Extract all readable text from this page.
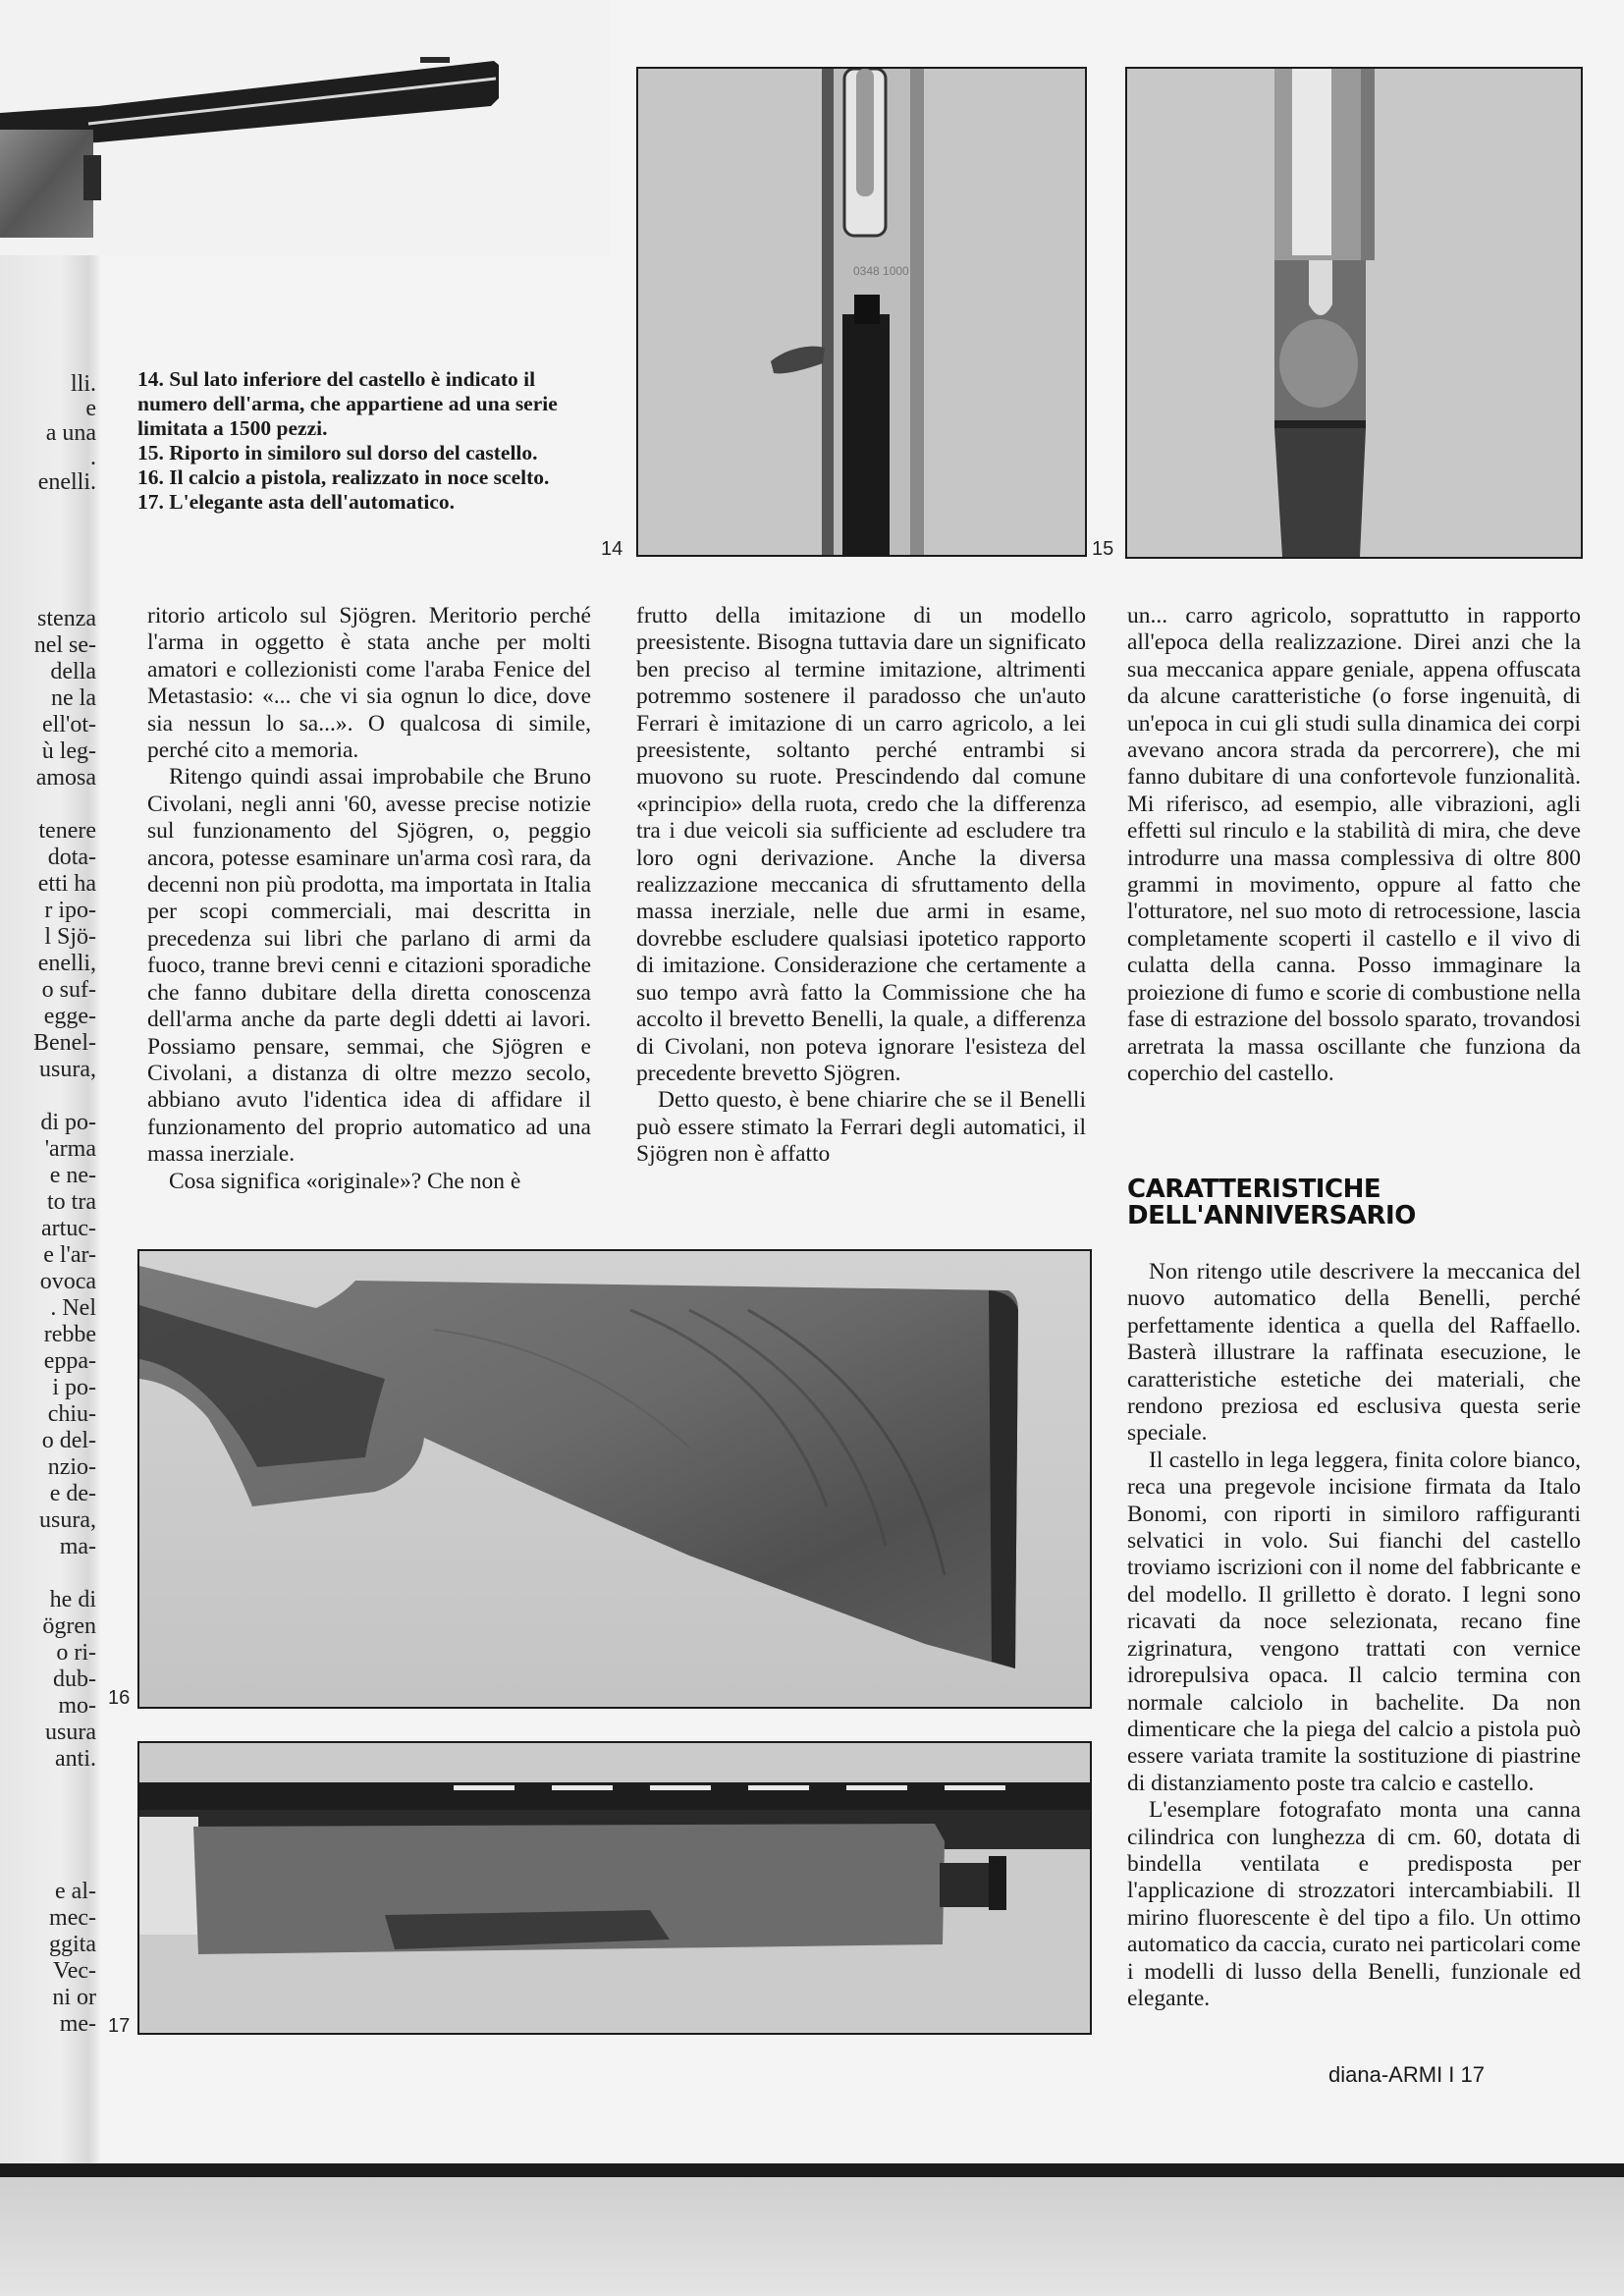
lli.
e
a una
.
enelli.
stenza
nel se-
della
ne la
ell'ot-
ù leg-
amosa
tenere
dota-
etti ha
r ipo-
l Sjö-
enelli,
o suf-
egge-
Benel-
usura,
di po-
'arma
e ne-
to tra
artuc-
e l'ar-
ovoca
. Nel
rebbe
eppa-
i po-
chiu-
o del-
nzio-
e de-
usura,
ma-
he di
ögren
o ri-
dub-
mo-
usura
anti.
e al-
mec-
ggita
Vec-
ni or
me-

14. Sul lato inferiore del castello è indicato il numero dell'arma, che appartiene ad una serie limitata a 1500 pezzi.

15. Riporto in similoro sul dorso del castello.

16. Il calcio a pistola, realizzato in noce scelto.

17. L'elegante asta dell'automatico.

0348 1000
14	15

ritorio articolo sul Sjögren. Meritorio perché l'arma in oggetto è stata anche per molti amatori e collezionisti come l'araba Fenice del Metastasio: «... che vi sia ognun lo dice, dove sia nessun lo sa...». O qualcosa di simile, perché cito a memoria.

Ritengo quindi assai improbabile che Bruno Civolani, negli anni '60, avesse precise notizie sul funzionamento del Sjögren, o, peggio ancora, potesse esaminare un'arma così rara, da decenni non più prodotta, ma importata in Italia per scopi commerciali, mai descritta in precedenza sui libri che parlano di armi da fuoco, tranne brevi cenni e citazioni sporadiche che fanno dubitare della diretta conoscenza dell'arma anche da parte degli ddetti ai lavori. Possiamo pensare, semmai, che Sjögren e Civolani, a distanza di oltre mezzo secolo, abbiano avuto l'identica idea di affidare il funzionamento del proprio automatico ad una massa inerziale.

Cosa significa «originale»? Che non è

frutto della imitazione di un modello preesistente. Bisogna tuttavia dare un significato ben preciso al termine imitazione, altrimenti potremmo sostenere il paradosso che un'auto Ferrari è imitazione di un carro agricolo, a lei preesistente, soltanto perché entrambi si muovono su ruote. Prescindendo dal comune «principio» della ruota, credo che la differenza tra i due veicoli sia sufficiente ad escludere tra loro ogni derivazione. Anche la diversa realizzazione meccanica di sfruttamento della massa inerziale, nelle due armi in esame, dovrebbe escludere qualsiasi ipotetico rapporto di imitazione. Considerazione che certamente a suo tempo avrà fatto la Commissione che ha accolto il brevetto Benelli, la quale, a differenza di Civolani, non poteva ignorare l'esisteza del precedente brevetto Sjögren.

Detto questo, è bene chiarire che se il Benelli può essere stimato la Ferrari degli automatici, il Sjögren non è affatto

un... carro agricolo, soprattutto in rapporto all'epoca della realizzazione. Direi anzi che la sua meccanica appare geniale, appena offuscata da alcune caratteristiche (o forse ingenuità, di un'epoca in cui gli studi sulla dinamica dei corpi avevano ancora strada da percorrere), che mi fanno dubitare di una confortevole funzionalità. Mi riferisco, ad esempio, alle vibrazioni, agli effetti sul rinculo e la stabilità di mira, che deve introdurre una massa complessiva di oltre 800 grammi in movimento, oppure al fatto che l'otturatore, nel suo moto di retrocessione, lascia completamente scoperti il castello e il vivo di culatta della canna. Posso immaginare la proiezione di fumo e scorie di combustione nella fase di estrazione del bossolo sparato, trovandosi arretrata la massa oscillante che funziona da coperchio del castello.

CARATTERISTICHE DELL'ANNIVERSARIO

Non ritengo utile descrivere la meccanica del nuovo automatico della Benelli, perché perfettamente identica a quella del Raffaello. Basterà illustrare la raffinata esecuzione, le caratteristiche estetiche dei materiali, che rendono preziosa ed esclusiva questa serie speciale.

Il castello in lega leggera, finita colore bianco, reca una pregevole incisione firmata da Italo Bonomi, con riporti in similoro raffiguranti selvatici in volo. Sui fianchi del castello troviamo iscrizioni con il nome del fabbricante e del modello. Il grilletto è dorato. I legni sono ricavati da noce selezionata, recano fine zigrinatura, vengono trattati con vernice idrorepulsiva opaca. Il calcio termina con normale calciolo in bachelite. Da non dimenticare che la piega del calcio a pistola può essere variata tramite la sostituzione di piastrine di distanziamento poste tra calcio e castello.

L'esemplare fotografato monta una canna cilindrica con lunghezza di cm. 60, dotata di bindella ventilata e predisposta per l'applicazione di strozzatori intercambiabili. Il mirino fluorescente è del tipo a filo. Un ottimo automatico da caccia, curato nei particolari come i modelli di lusso della Benelli, funzionale ed elegante.

16
17
diana-ARMI I 17
